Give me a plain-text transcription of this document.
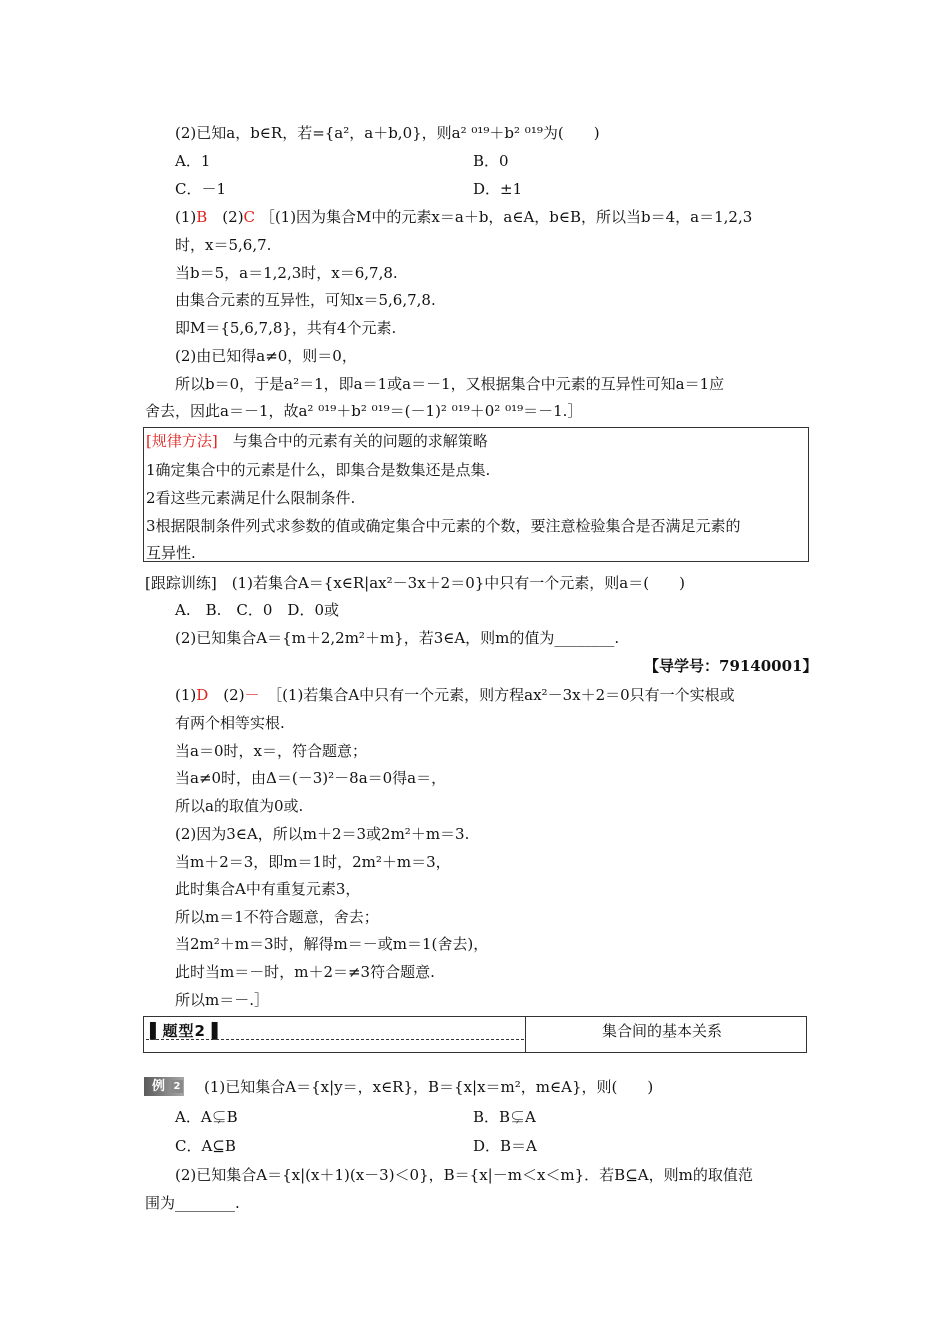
(2)已知a，b∈R，若={a²，a＋b,0}，则a² ⁰¹⁹＋b² ⁰¹⁹为(　　)
A．1	B．0
C．－1	D．±1
(1)B　 (2)C ［(1)因为集合M中的元素x＝a＋b，a∈A，b∈B，所以当b＝4，a＝1,2,3
时，x＝5,6,7.
当b＝5，a＝1,2,3时，x＝6,7,8.
由集合元素的互异性，可知x＝5,6,7,8.
即M＝{5,6,7,8}，共有4个元素.
(2)由已知得a≠0，则＝0，
所以b＝0，于是a²＝1，即a＝1或a＝－1，又根据集合中元素的互异性可知a＝1应
舍去，因此a＝－1，故a² ⁰¹⁹＋b² ⁰¹⁹＝(－1)² ⁰¹⁹＋0² ⁰¹⁹＝－1.］
[规律方法]　 与集合中的元素有关的问题的求解策略
1确定集合中的元素是什么，即集合是数集还是点集.
2看这些元素满足什么限制条件.
3根据限制条件列式求参数的值或确定集合中元素的个数，要注意检验集合是否满足元素的
互异性.
[跟踪训练]　(1)若集合A＝{x∈R|ax²－3x＋2＝0}中只有一个元素，则a＝(　　)
A.　B.　C．0　D．0或
(2)已知集合A＝{m＋2,2m²＋m}，若3∈A，则m的值为________.
【导学号：79140001】
(1)D　 (2)－　 ［(1)若集合A中只有一个元素，则方程ax²－3x＋2＝0只有一个实根或
有两个相等实根.
当a＝0时，x＝，符合题意；
当a≠0时，由Δ＝(－3)²－8a＝0得a＝，
所以a的取值为0或.
(2)因为3∈A，所以m＋2＝3或2m²＋m＝3.
当m＋2＝3，即m＝1时，2m²＋m＝3，
此时集合A中有重复元素3，
所以m＝1不符合题意，舍去；
当2m²＋m＝3时，解得m＝－或m＝1(舍去)，
此时当m＝－时，m＋2＝≠3符合题意.
所以m＝－.］
▌题型2▐	集合间的基本关系
例 2 (1)已知集合A＝{x|y＝，x∈R}，B＝{x|x＝m²，m∈A}，则(　　)
A．A⊊B	B．B⊊A
C．A⊆B	D．B＝A
(2)已知集合A＝{x|(x＋1)(x－3)＜0}，B＝{x|－m＜x＜m}．若B⊆A，则m的取值范
围为________.
